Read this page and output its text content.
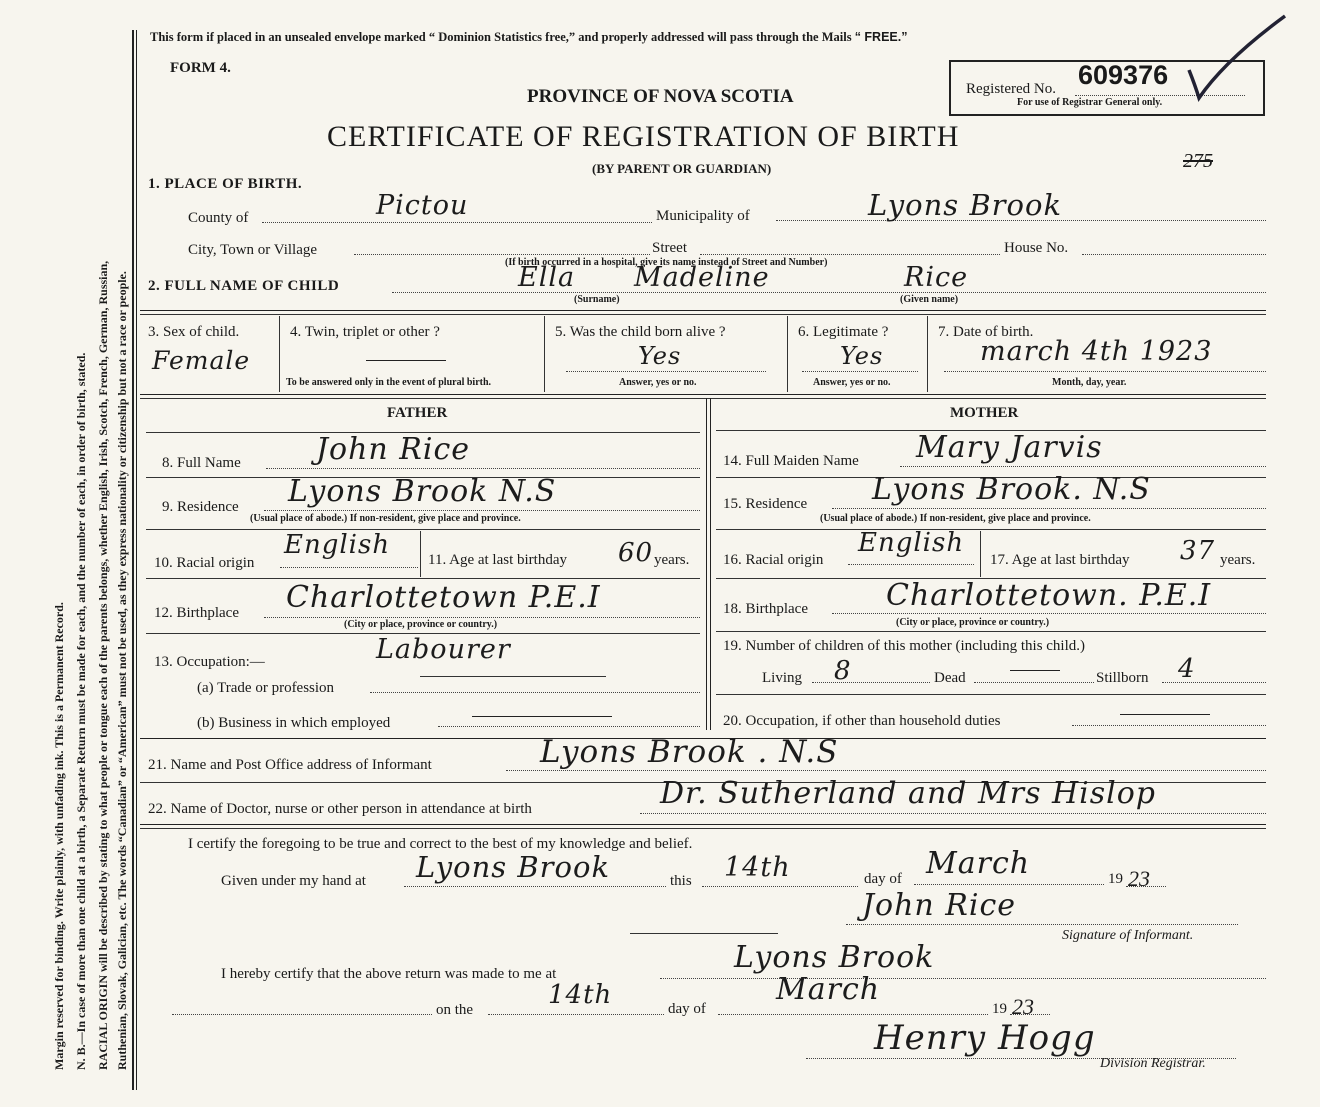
Margin reserved for binding. Write plainly, with unfading ink. This is a Permanent Record. N. B.—In case of more than one child at a birth, a Separate Return must be made for each, and the number of each, in order of birth, stated. RACIAL ORIGIN will be described by stating to what people or tongue each of the parents belongs, whether English, Irish, Scotch, French, German, Russian, Ruthenian, Slovak, Galician, etc. The words “Canadian” or “American” must not be used, as they express nationality or citizenship but not a race or people.
This form if placed in an unsealed envelope marked “ Dominion Statistics free,” and properly addressed will pass through the Mails “ FREE.”
FORM 4.
PROVINCE OF NOVA SCOTIA
CERTIFICATE OF REGISTRATION OF BIRTH
(BY PARENT OR GUARDIAN)
Registered No. 609376
For use of Registrar General only.
275
1. PLACE OF BIRTH.
County of	Pictou	Municipality of	Lyons Brook
City, Town or Village	Street	House No.
(If birth occurred in a hospital, give its name instead of Street and Number)
2. FULL NAME OF CHILD	Ella Madeline	Rice
(Surname)	(Given name)
3. Sex of child.
Female
4. Twin, triplet or other ?
To be answered only in the event of plural birth.
5. Was the child born alive ?
Yes
Answer, yes or no.
6. Legitimate ?
Yes
Answer, yes or no.
7. Date of birth.
march 4th 1923
Month, day, year.
FATHER	MOTHER
8. Full Name	John Rice
9. Residence Lyons Brook N.S
(Usual place of abode.) If non-resident, give place and province.
10. Racial origin
English	11. Age at last birthday 60 years.
12. Birthplace Charlottetown P.E.I
(City or place, province or country.)
13. Occupation:—	Labourer
(a) Trade or profession
(b) Business in which employed
14. Full Maiden Name Mary Jarvis
15. Residence Lyons Brook. N.S
(Usual place of abode.) If non-resident, give place and province.
16. Racial origin
English
17. Age at last birthday 37 years.
18. Birthplace	Charlottetown. P.E.I
(City or place, province or country.)
19. Number of children of this mother (including this child.)
Living 8	Dead	Stillborn 4
20. Occupation, if other than household duties
21. Name and Post Office address of Informant	Lyons Brook . N.S
22. Name of Doctor, nurse or other person in attendance at birth	Dr. Sutherland and Mrs Hislop
I certify the foregoing to be true and correct to the best of my knowledge and belief.
Given under my hand at Lyons Brook	this 14th	day of March	19 23
John Rice
Signature of Informant.
I hereby certify that the above return was made to me at	Lyons Brook
on the	14th	day of
March
19 23
Henry Hogg
Division Registrar.
